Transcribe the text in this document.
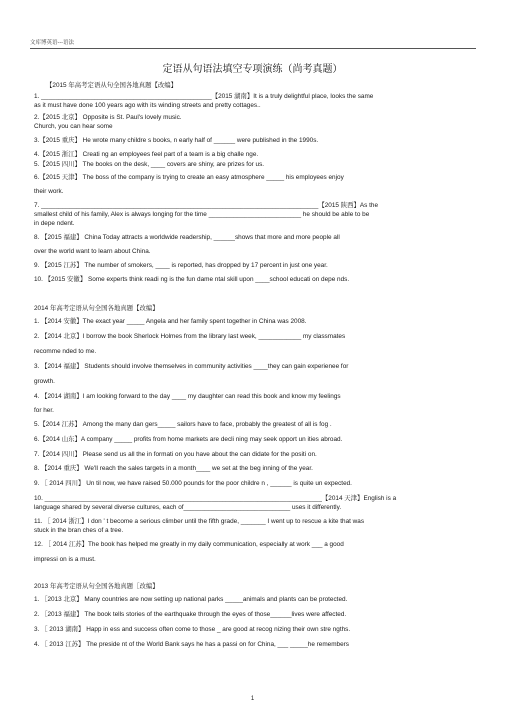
文库博英语---语法
定语从句语法填空专项演练（尚考真题）
【2015 年高考定语从句全国各地真题【改编】
1. ________________________________________________【2015 湖南】It is a truly delightful place, looks the same
as it must have done 100 years ago with its winding streets and pretty cottages..
2.【2015 北京】 Opposite is St. Paul's lovely music.
Church, you can hear some
3.【2015 重庆】 He wrote many childre s books, n early half of ______ were published in the 1990s.
4.【2015 浙江】 Creati ng an employees feel part of a team is a big challe nge.
5.【2015 四川】 The books on the desk, ____ covers are shiny, are prizes for us.
6.【2015 天津】 The boss of the company is trying to create an easy atmosphere _____ his employees enjoy
their work.
7. ______________________________________________________________________________【2015 陕西】As the
smallest child of his family, Alex is always longing for the time __________________________ he should be able to be
in depe ndent.
8. 【2015 福建】 China Today attracts a worldwide readership, ______shows that more and more people all
over the world want to learn about China.
9. 【2015 江苏】 The number of smokers, ____ is reported, has dropped by 17 percent in just one year.
10. 【2015 安徽】 Some experts think readi ng is the fun dame ntal skill upon ____school educati on depe nds.
2014 年高考定语从句全国各地真题【改编】
1. 【2014 安徽】The exact year _____ Angela and her family spent together in China was 2008.
2. 【2014 北京】I borrow the book Sherlock Holmes from the library last week, ____________ my classmates
recomme nded to me.
3. 【2014 福建】 Students should involve themselves in community activities ____they can gain experienee for
growth.
4. 【2014 湖南】I am looking forward to the day ____ my daughter can read this book and know my feelings
for her.
5.【2014 江苏】 Among the many dan gers_____ sailors have to face, probably the greatest of all is fog .
6.【2014 山东】A company _____ profits from home markets are decli ning may seek opport un ities abroad.
7.【2014 四川】 Please send us all the in formati on you have about the can didate for the positi on.
8. 【2014 重庆】 We'll reach the sales targets in a month____ we set at the beg inning of the year.
9. ［ 2014 四川】 Un til now, we have raised 50.000 pounds for the poor childre n , ______ is quite un expected.
10. ______________________________________________________________________________【2014 天津】English is a
language shared by several diverse cultures, each of______________________________ uses it differently.
11. ［ 2014 浙江】I don ' t become a serious climber until the fifth grade, _______ I went up to rescue a kite that was
stuck in the bran ches of a tree.
12. ［ 2014 江苏】The book has helped me greatly in my daily communication, especially at work ___ a good
impressi on is a must.
2013 年高考定语从句全国各地真题［改编】
1. ［2013 北京】 Many countries are now setting up national parks _____animals and plants can be protected.
2. ［2013 福建】 The book tells stories of the earthquake through the eyes of those______lives were affected.
3. ［ 2013 湖南】 Happ in ess and success often come to those _ are good at recog nizing their own stre ngths.
4. ［ 2013 江苏】 The preside nt of the World Bank says he has a passi on for China, ___ _____he remembers
1
